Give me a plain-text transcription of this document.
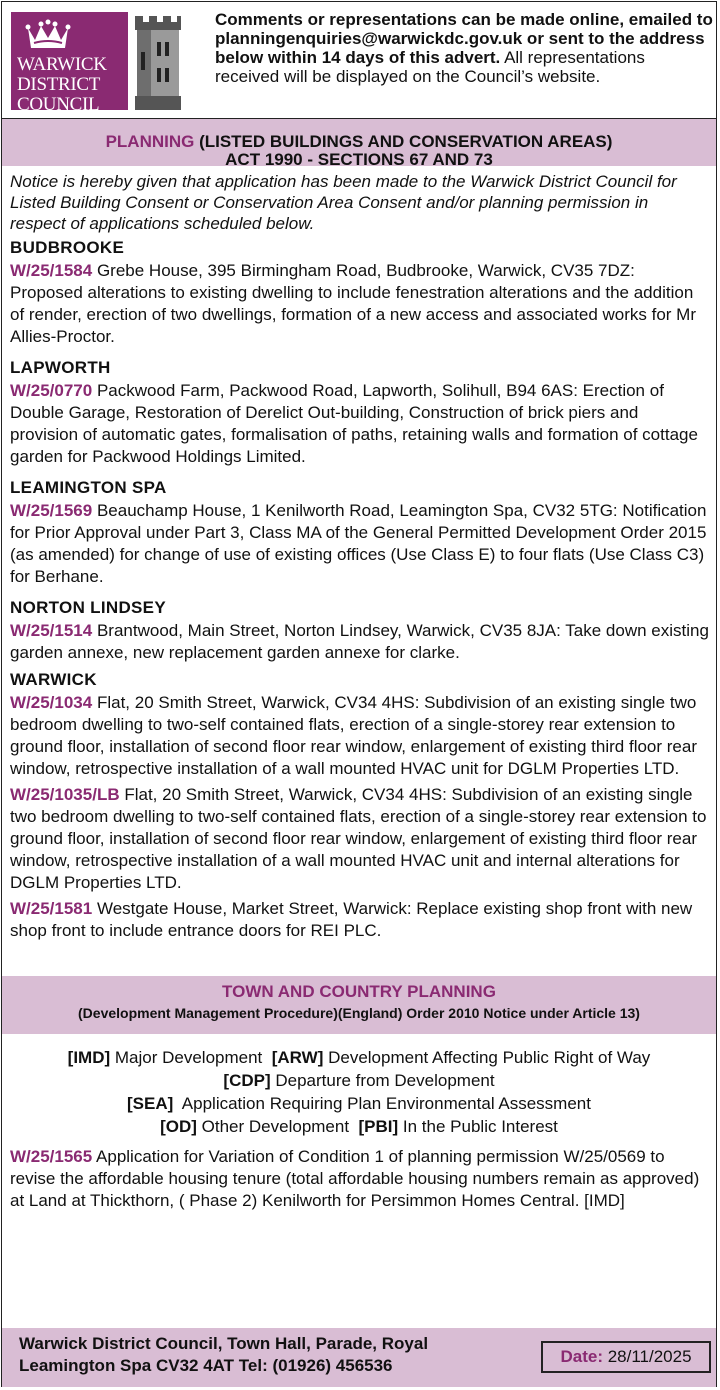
WARWICK
DISTRICT
COUNCIL
Comments or representations can be made online, emailed to planningenquiries@warwickdc.gov.uk or sent to the address below within 14 days of this advert. All representations received will be displayed on the Council’s website.
PLANNING (LISTED BUILDINGS AND CONSERVATION AREAS)
ACT 1990 - SECTIONS 67 AND 73
Notice is hereby given that application has been made to the Warwick District Council for Listed Building Consent or Conservation Area Consent and/or planning permission in respect of applications scheduled below.
BUDBROOKE
W/25/1584 Grebe House, 395 Birmingham Road, Budbrooke, Warwick, CV35 7DZ: Proposed alterations to existing dwelling to include fenestration alterations and the addition of render, erection of two dwellings, formation of a new access and associated works for Mr Allies-Proctor.
LAPWORTH
W/25/0770 Packwood Farm, Packwood Road, Lapworth, Solihull, B94 6AS: Erection of Double Garage, Restoration of Derelict Out-building, Construction of brick piers and provision of automatic gates, formalisation of paths, retaining walls and formation of cottage garden for Packwood Holdings Limited.
LEAMINGTON SPA
W/25/1569 Beauchamp House, 1 Kenilworth Road, Leamington Spa, CV32 5TG: Notification for Prior Approval under Part 3, Class MA of the General Permitted Development Order 2015 (as amended) for change of use of existing offices (Use Class E) to four flats (Use Class C3) for Berhane.
NORTON LINDSEY
W/25/1514 Brantwood, Main Street, Norton Lindsey, Warwick, CV35 8JA: Take down existing garden annexe, new replacement garden annexe for clarke.
WARWICK
W/25/1034 Flat, 20 Smith Street, Warwick, CV34 4HS: Subdivision of an existing single two bedroom dwelling to two-self contained flats, erection of a single-storey rear extension to ground floor, installation of second floor rear window, enlargement of existing third floor rear window, retrospective installation of a wall mounted HVAC unit for DGLM Properties LTD.
W/25/1035/LB Flat, 20 Smith Street, Warwick, CV34 4HS: Subdivision of an existing single two bedroom dwelling to two-self contained flats, erection of a single-storey rear extension to ground floor, installation of second floor rear window, enlargement of existing third floor rear window, retrospective installation of a wall mounted HVAC unit and internal alterations for DGLM Properties LTD.
W/25/1581 Westgate House, Market Street, Warwick: Replace existing shop front with new shop front to include entrance doors for REI PLC.
TOWN AND COUNTRY PLANNING
(Development Management Procedure)(England) Order 2010 Notice under Article 13)
[IMD] Major Development  [ARW] Development Affecting Public Right of Way
[CDP] Departure from Development
[SEA]  Application Requiring Plan Environmental Assessment
[OD] Other Development  [PBI] In the Public Interest
W/25/1565 Application for Variation of Condition 1 of planning permission W/25/0569 to revise the affordable housing tenure (total affordable housing numbers remain as approved) at Land at Thickthorn, ( Phase 2) Kenilworth for Persimmon Homes Central. [IMD]
Warwick District Council, Town Hall, Parade, Royal
Leamington Spa CV32 4AT Tel: (01926) 456536	Date: 28/11/2025
